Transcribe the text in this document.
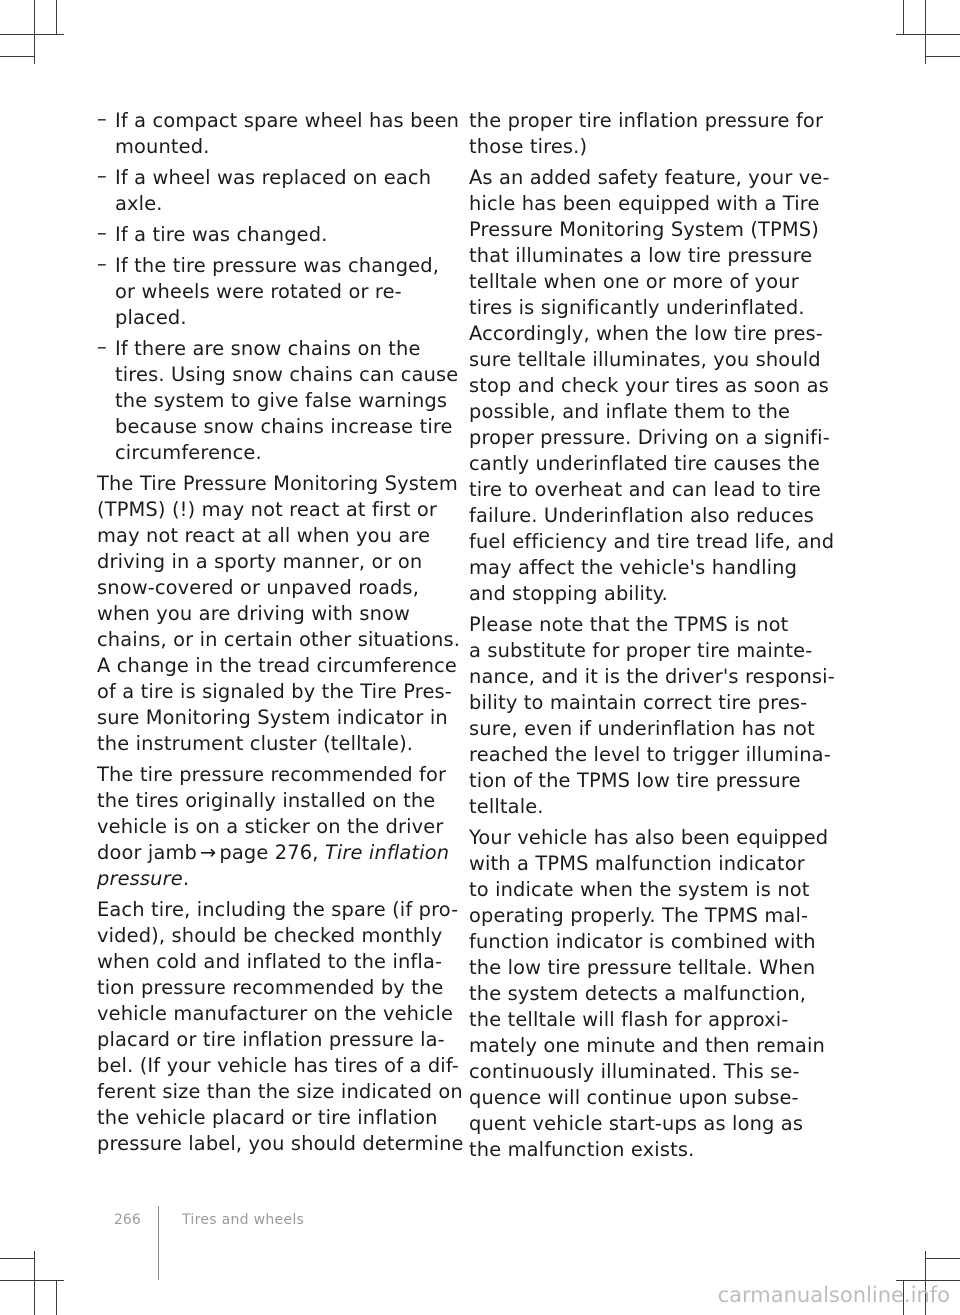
– If a compact spare wheel has been
mounted.
– If a wheel was replaced on each
axle.
– If a tire was changed.
– If the tire pressure was changed,
or wheels were rotated or re-
placed.
– If there are snow chains on the
tires. Using snow chains can cause
the system to give false warnings
because snow chains increase tire
circumference.
The Tire Pressure Monitoring System
(TPMS) (!) may not react at first or
may not react at all when you are
driving in a sporty manner, or on
snow-covered or unpaved roads,
when you are driving with snow
chains, or in certain other situations.
A change in the tread circumference
of a tire is signaled by the Tire Pres-
sure Monitoring System indicator in
the instrument cluster (telltale).
The tire pressure recommended for
the tires originally installed on the
vehicle is on a sticker on the driver
door jamb → page 276, Tire inflation
pressure.
Each tire, including the spare (if pro-
vided), should be checked monthly
when cold and inflated to the infla-
tion pressure recommended by the
vehicle manufacturer on the vehicle
placard or tire inflation pressure la-
bel. (If your vehicle has tires of a dif-
ferent size than the size indicated on
the vehicle placard or tire inflation
pressure label, you should determine
the proper tire inflation pressure for
those tires.)
As an added safety feature, your ve-
hicle has been equipped with a Tire
Pressure Monitoring System (TPMS)
that illuminates a low tire pressure
telltale when one or more of your
tires is significantly underinflated.
Accordingly, when the low tire pres-
sure telltale illuminates, you should
stop and check your tires as soon as
possible, and inflate them to the
proper pressure. Driving on a signifi-
cantly underinflated tire causes the
tire to overheat and can lead to tire
failure. Underinflation also reduces
fuel efficiency and tire tread life, and
may affect the vehicle's handling
and stopping ability.
Please note that the TPMS is not
a substitute for proper tire mainte-
nance, and it is the driver's responsi-
bility to maintain correct tire pres-
sure, even if underinflation has not
reached the level to trigger illumina-
tion of the TPMS low tire pressure
telltale.
Your vehicle has also been equipped
with a TPMS malfunction indicator
to indicate when the system is not
operating properly. The TPMS mal-
function indicator is combined with
the low tire pressure telltale. When
the system detects a malfunction,
the telltale will flash for approxi-
mately one minute and then remain
continuously illuminated. This se-
quence will continue upon subse-
quent vehicle start-ups as long as
the malfunction exists.
266	Tires and wheels
carmanualsonline.info
